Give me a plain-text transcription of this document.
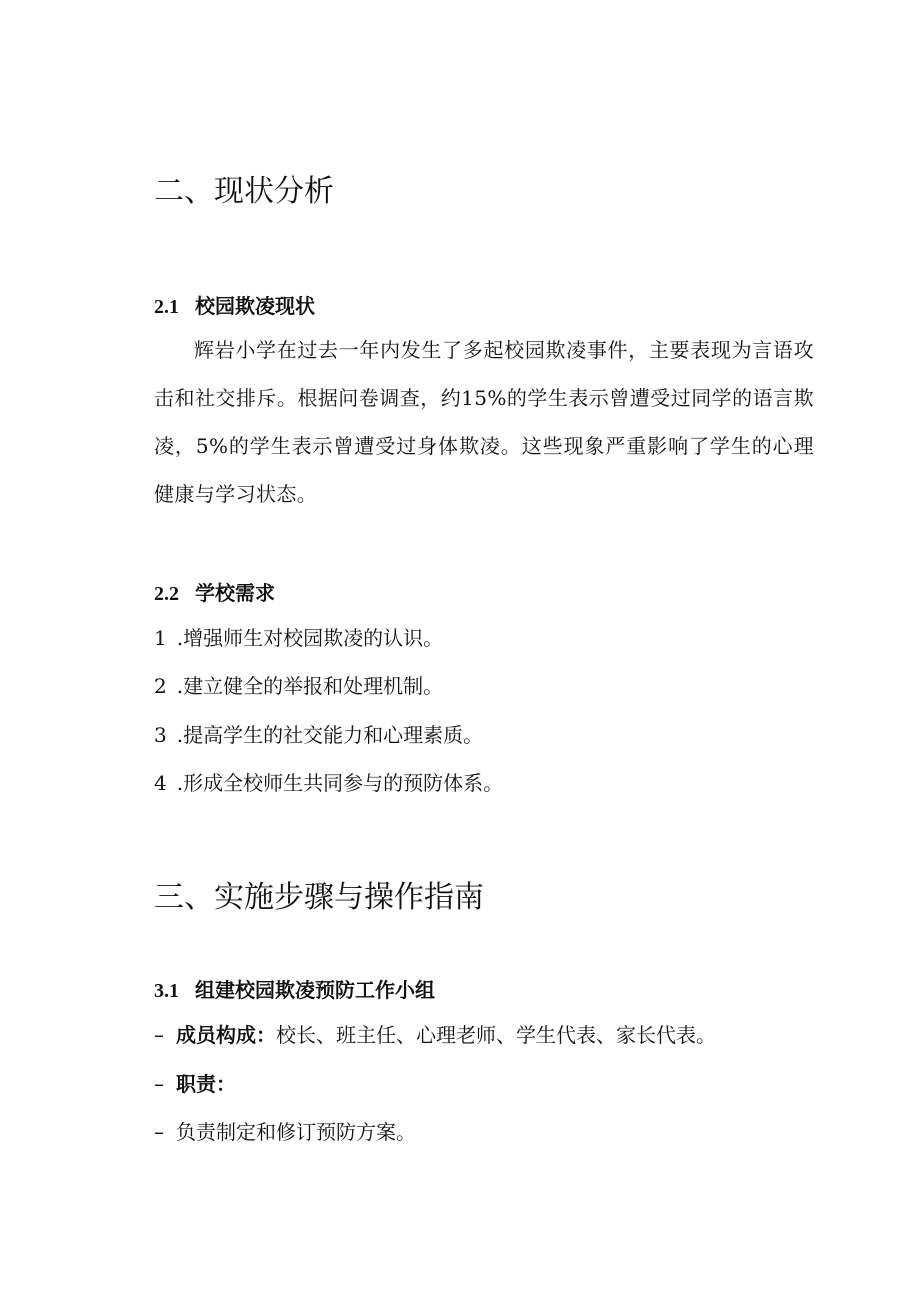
二、现状分析
2.1 校园欺凌现状
辉岩小学在过去一年内发生了多起校园欺凌事件，主要表现为言语攻击和社交排斥。根据问卷调查，约15%的学生表示曾遭受过同学的语言欺凌，5%的学生表示曾遭受过身体欺凌。这些现象严重影响了学生的心理健康与学习状态。
2.2 学校需求
1 .增强师生对校园欺凌的认识。
2 .建立健全的举报和处理机制。
3 .提高学生的社交能力和心理素质。
4 .形成全校师生共同参与的预防体系。
三、实施步骤与操作指南
3.1 组建校园欺凌预防工作小组
– 成员构成：校长、班主任、心理老师、学生代表、家长代表。
– 职责：
– 负责制定和修订预防方案。
